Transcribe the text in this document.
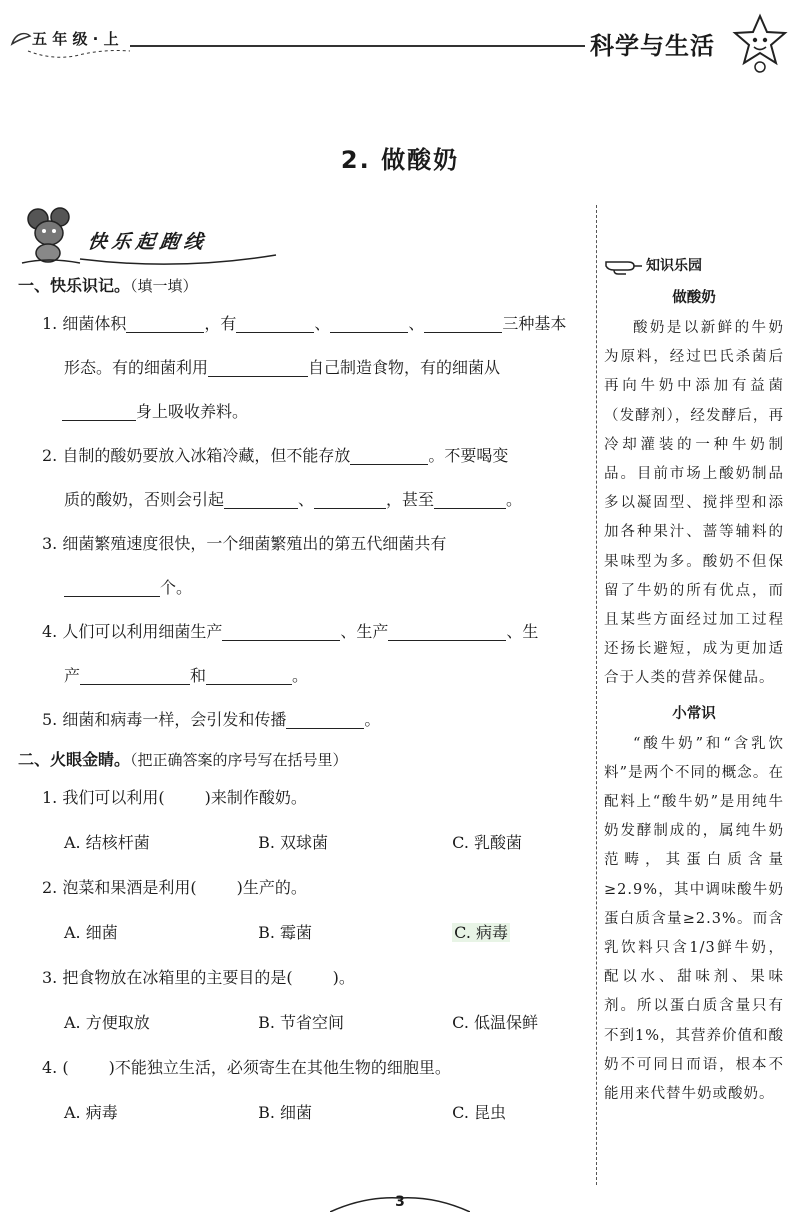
五 年 级 · 上	科学与生活
2. 做酸奶
快乐起跑线
一、快乐识记。（填一填）
1. 细菌体积	，有	、	、	三种基本
形态。有的细菌利用	自己制造食物，有的细菌从
身上吸收养料。
2. 自制的酸奶要放入冰箱冷藏，但不能存放	。不要喝变
质的酸奶，否则会引起	、	，甚至	。
3. 细菌繁殖速度很快，一个细菌繁殖出的第五代细菌共有
个。
4. 人们可以利用细菌生产	、生产	、生
产	和	。
5. 细菌和病毒一样，会引发和传播	。
二、火眼金睛。（把正确答案的序号写在括号里）
1. 我们可以利用(	)来制作酸奶。
A. 结核杆菌	B. 双球菌	C. 乳酸菌
2. 泡菜和果酒是利用(	)生产的。
A. 细菌	B. 霉菌	C. 病毒
3. 把食物放在冰箱里的主要目的是(	)。
A. 方便取放	B. 节省空间	C. 低温保鲜
4. (	)不能独立生活，必须寄生在其他生物的细胞里。
A. 病毒	B. 细菌	C. 昆虫
知识乐园
做酸奶

酸奶是以新鲜的牛奶为原料，经过巴氏杀菌后再向牛奶中添加有益菌（发酵剂），经发酵后，再冷却灌装的一种牛奶制品。目前市场上酸奶制品多以凝固型、搅拌型和添加各种果汁、蔷等辅料的果味型为多。酸奶不但保留了牛奶的所有优点，而且某些方面经过加工过程还扬长避短，成为更加适合于人类的营养保健品。

小常识

“酸牛奶”和“含乳饮料”是两个不同的概念。在配料上“酸牛奶”是用纯牛奶发酵制成的，属纯牛奶范畴，其蛋白质含量≥2.9%，其中调味酸牛奶蛋白质含量≥2.3%。而含乳饮料只含1/3鲜牛奶，配以水、甜味剂、果味剂。所以蛋白质含量只有不到1%，其营养价值和酸奶不可同日而语，根本不能用来代替牛奶或酸奶。

3
